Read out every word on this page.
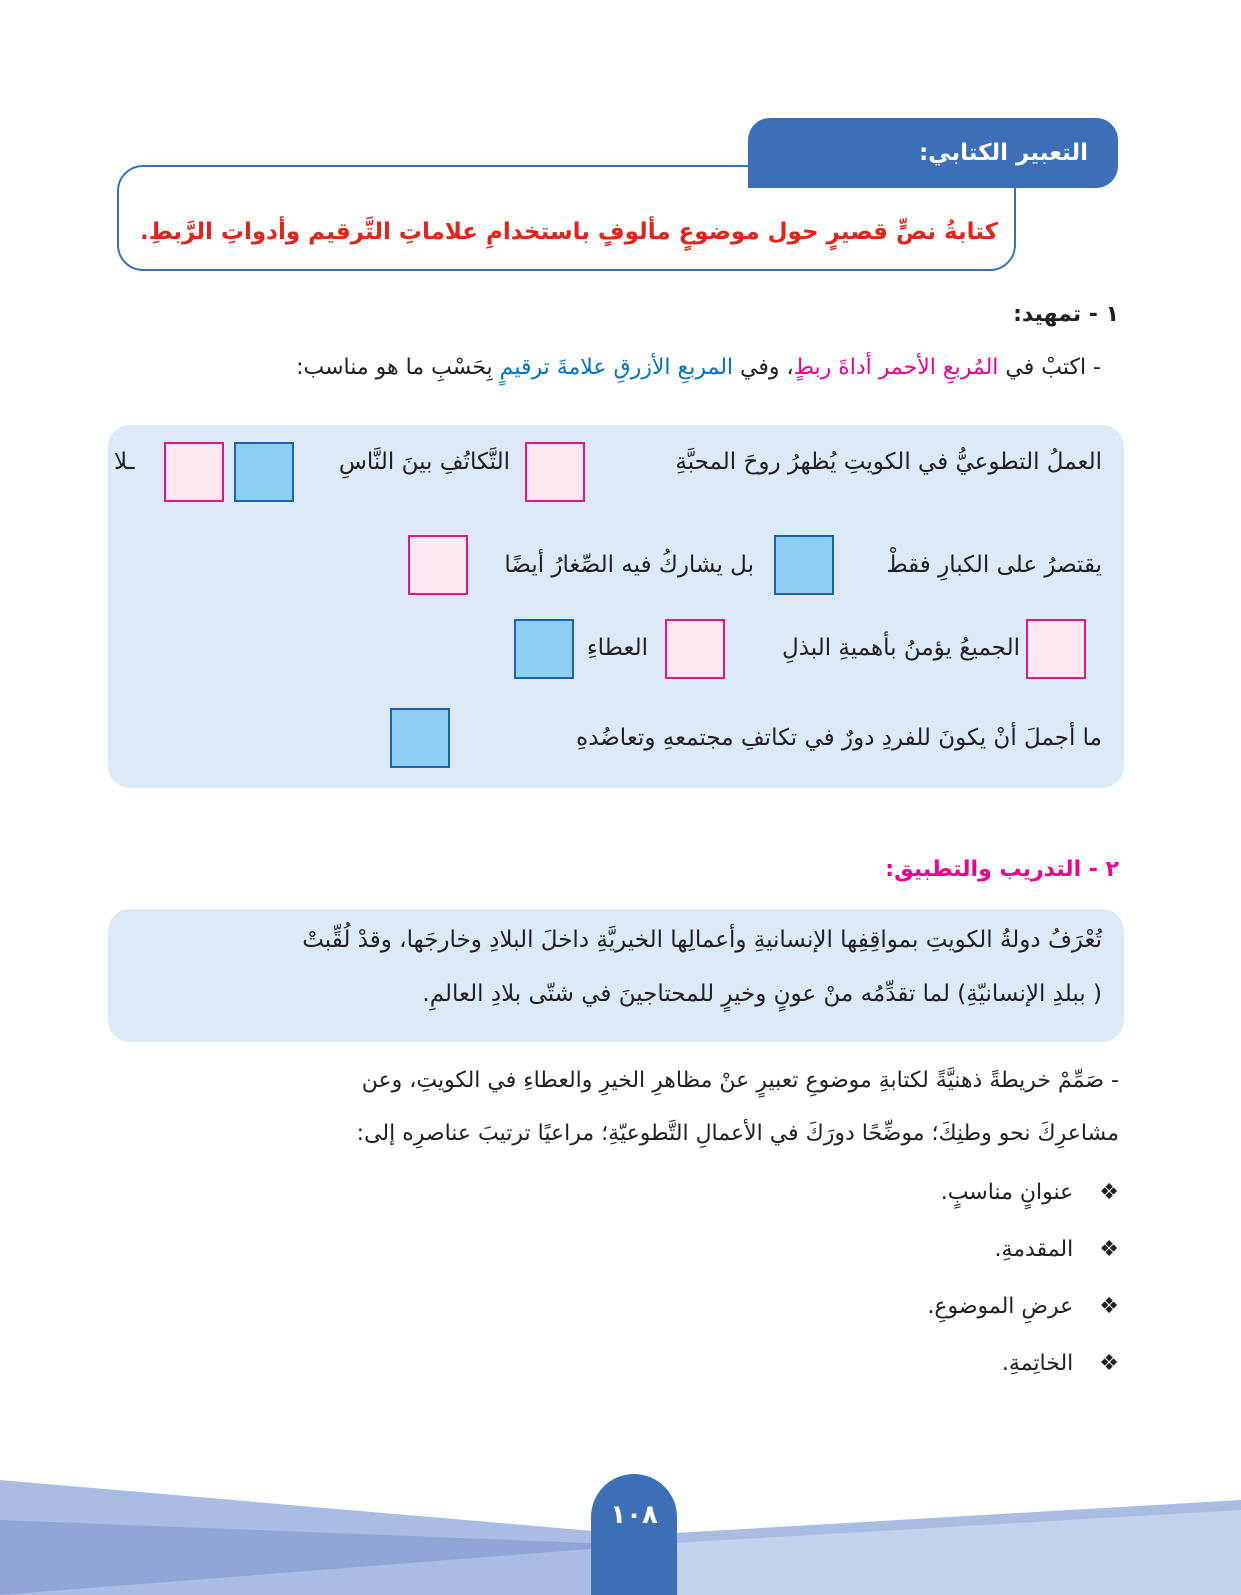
كتابةُ نصٍّ قصيرٍ حول موضوعٍ مألوفٍ باستخدامِ علاماتِ التَّرقيم وأدواتِ الرَّبطِ.
التعبير الكتابي:
١ - تمهيد:
- اكتبْ في المُربعِ الأحمر أداةَ ربطٍ، وفي المربعِ الأزرقِ علامةَ ترقيمٍ بِحَسْبِ ما هو مناسب:
العملُ التطوعيُّ في الكويتِ يُظهرُ روحَ المحبَّةِ
التَّكاتُفِ بينَ النَّاسِ
ـلا
يقتصرُ على الكبارِ فقطْ
بل يشاركُ فيه الصِّغارُ أيضًا
الجميعُ يؤمنُ بأهميةِ البذلِ
العطاءِ
ما أجملَ أنْ يكونَ للفردِ دورٌ في تكاتفِ مجتمعهِ وتعاضُدهِ
٢ - التدريب والتطبيق:
تُعْرَفُ دولةُ الكويتِ بمواقِفِها الإنسانيةِ وأعمالِها الخيريَّةِ داخلَ البلادِ وخارجَها، وقدْ لُقِّبتْ
( ببلدِ الإنسانيّةِ) لما تقدِّمُه منْ عونٍ وخيرٍ للمحتاجينَ في شتّى بلادِ العالمِ.
- صَمِّمْ خريطةً ذهنيَّةً لكتابةِ موضوعِ تعبيرٍ عنْ مظاهرِ الخيرِ والعطاءِ في الكويتِ، وعن
مشاعرِكَ نحو وطنِكَ؛ موضِّحًا دورَكَ في الأعمالِ التَّطوعيّةِ؛ مراعيًا ترتيبَ عناصرِه إلى:
❖
عنوانٍ مناسبٍ.
❖
المقدمةِ.
❖
عرضِ الموضوعِ.
❖
الخاتِمةِ.
١٠٨
